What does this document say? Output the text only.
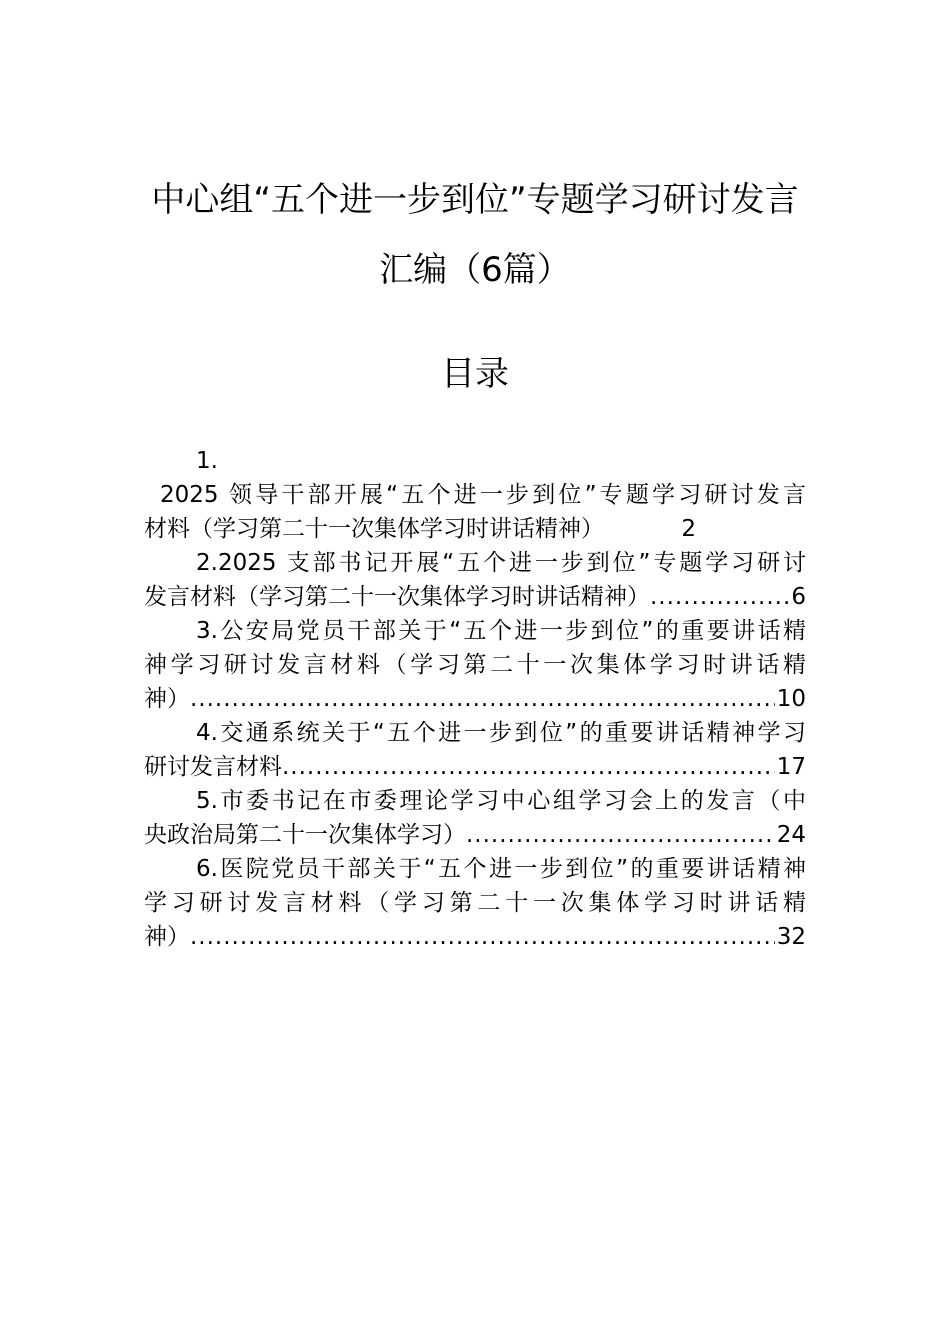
中心组“五个进一步到位”专题学习研讨发言
汇编（6篇）
目录
1.
2025 领导干部开展“五个进一步到位”专题学习研讨发言
材料（学习第二十一次集体学习时讲话精神）	2
2.2025 支部书记开展“五个进一步到位”专题学习研讨
发言材料（学习第二十一次集体学习时讲话精神） .....	6
3.公安局党员干部关于“五个进一步到位”的重要讲话精
神学习研讨发言材料（学习第二十一次集体学习时讲话精
神） .....	10
4.交通系统关于“五个进一步到位”的重要讲话精神学习
研讨发言材料 .....	17
5.市委书记在市委理论学习中心组学习会上的发言（中
央政治局第二十一次集体学习） .....	24
6.医院党员干部关于“五个进一步到位”的重要讲话精神
学习研讨发言材料（学习第二十一次集体学习时讲话精
神） .....	32
